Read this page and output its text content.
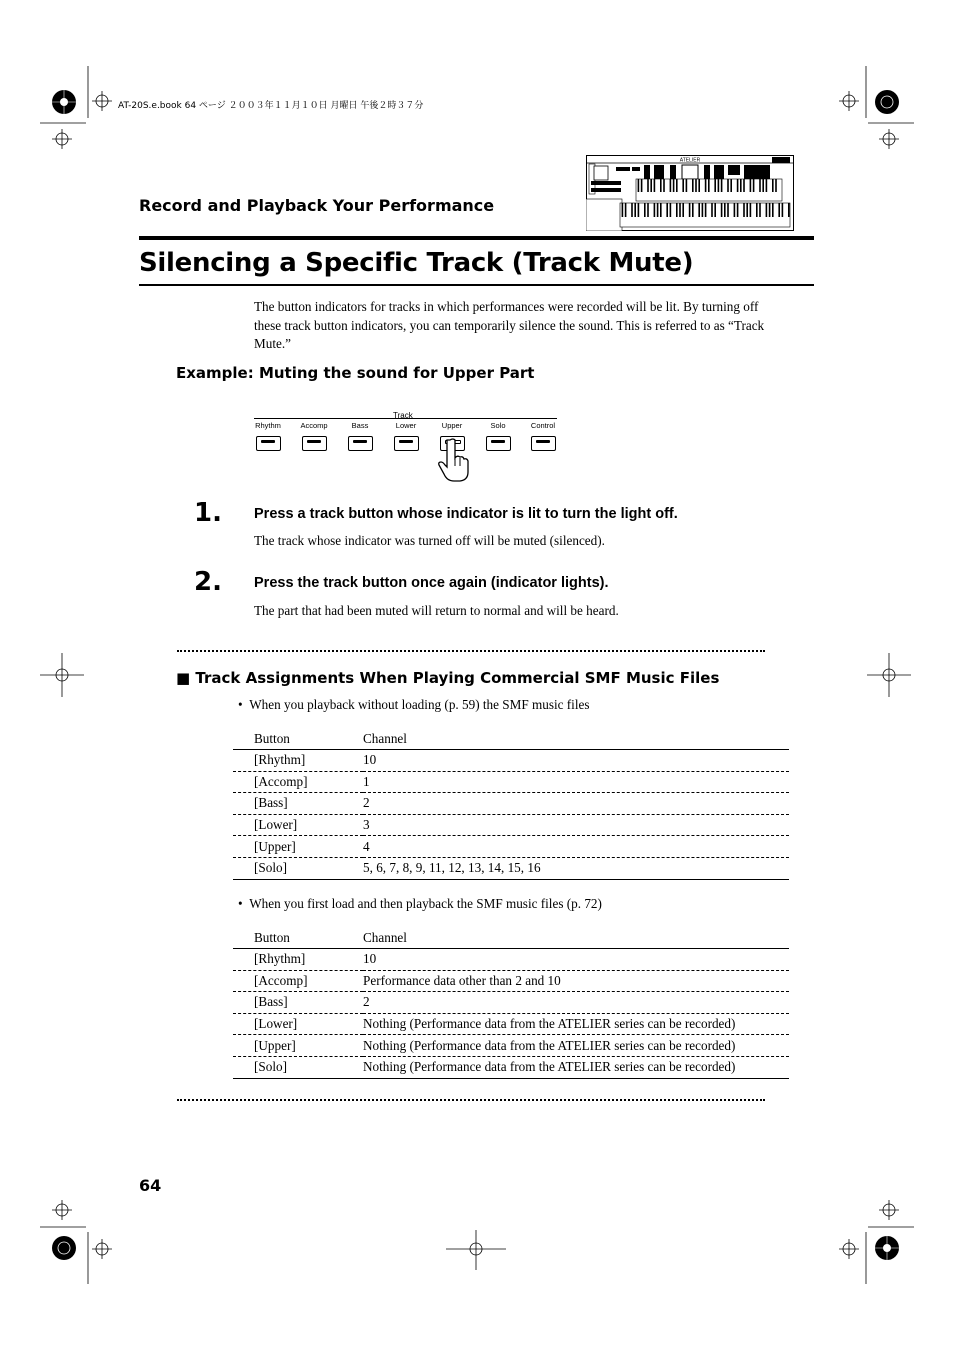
AT-20S.e.book 64 ページ ２００３年１１月１０日 月曜日 午後２時３７分
ATELIER
Record and Playback Your Performance
Silencing a Specific Track (Track Mute)

The button indicators for tracks in which performances were recorded will be lit. By turning off these track button indicators, you can temporarily silence the sound. This is referred to as “Track Mute.”

Example: Muting the sound for Upper Part
Track
Rhythm	Accomp	Bass	Lower	Upper	Solo	Control
1. Press a track button whose indicator is lit to turn the light off.
The track whose indicator was turned off will be muted (silenced).
2. Press the track button once again (indicator lights).
The part that had been muted will return to normal and will be heard.
■ Track Assignments When Playing Commercial SMF Music Files
•  When you playback without loading (p. 59) the SMF music files
Button	Channel
[Rhythm]	10
[Accomp]	1
[Bass]	2
[Lower]	3
[Upper]	4
[Solo]	5, 6, 7, 8, 9, 11, 12, 13, 14, 15, 16
•  When you first load and then playback the SMF music files (p. 72)
Button	Channel
[Rhythm]	10
[Accomp]	Performance data other than 2 and 10
[Bass]	2
[Lower]	Nothing (Performance data from the ATELIER series can be recorded)
[Upper]	Nothing (Performance data from the ATELIER series can be recorded)
[Solo]	Nothing (Performance data from the ATELIER series can be recorded)
64
